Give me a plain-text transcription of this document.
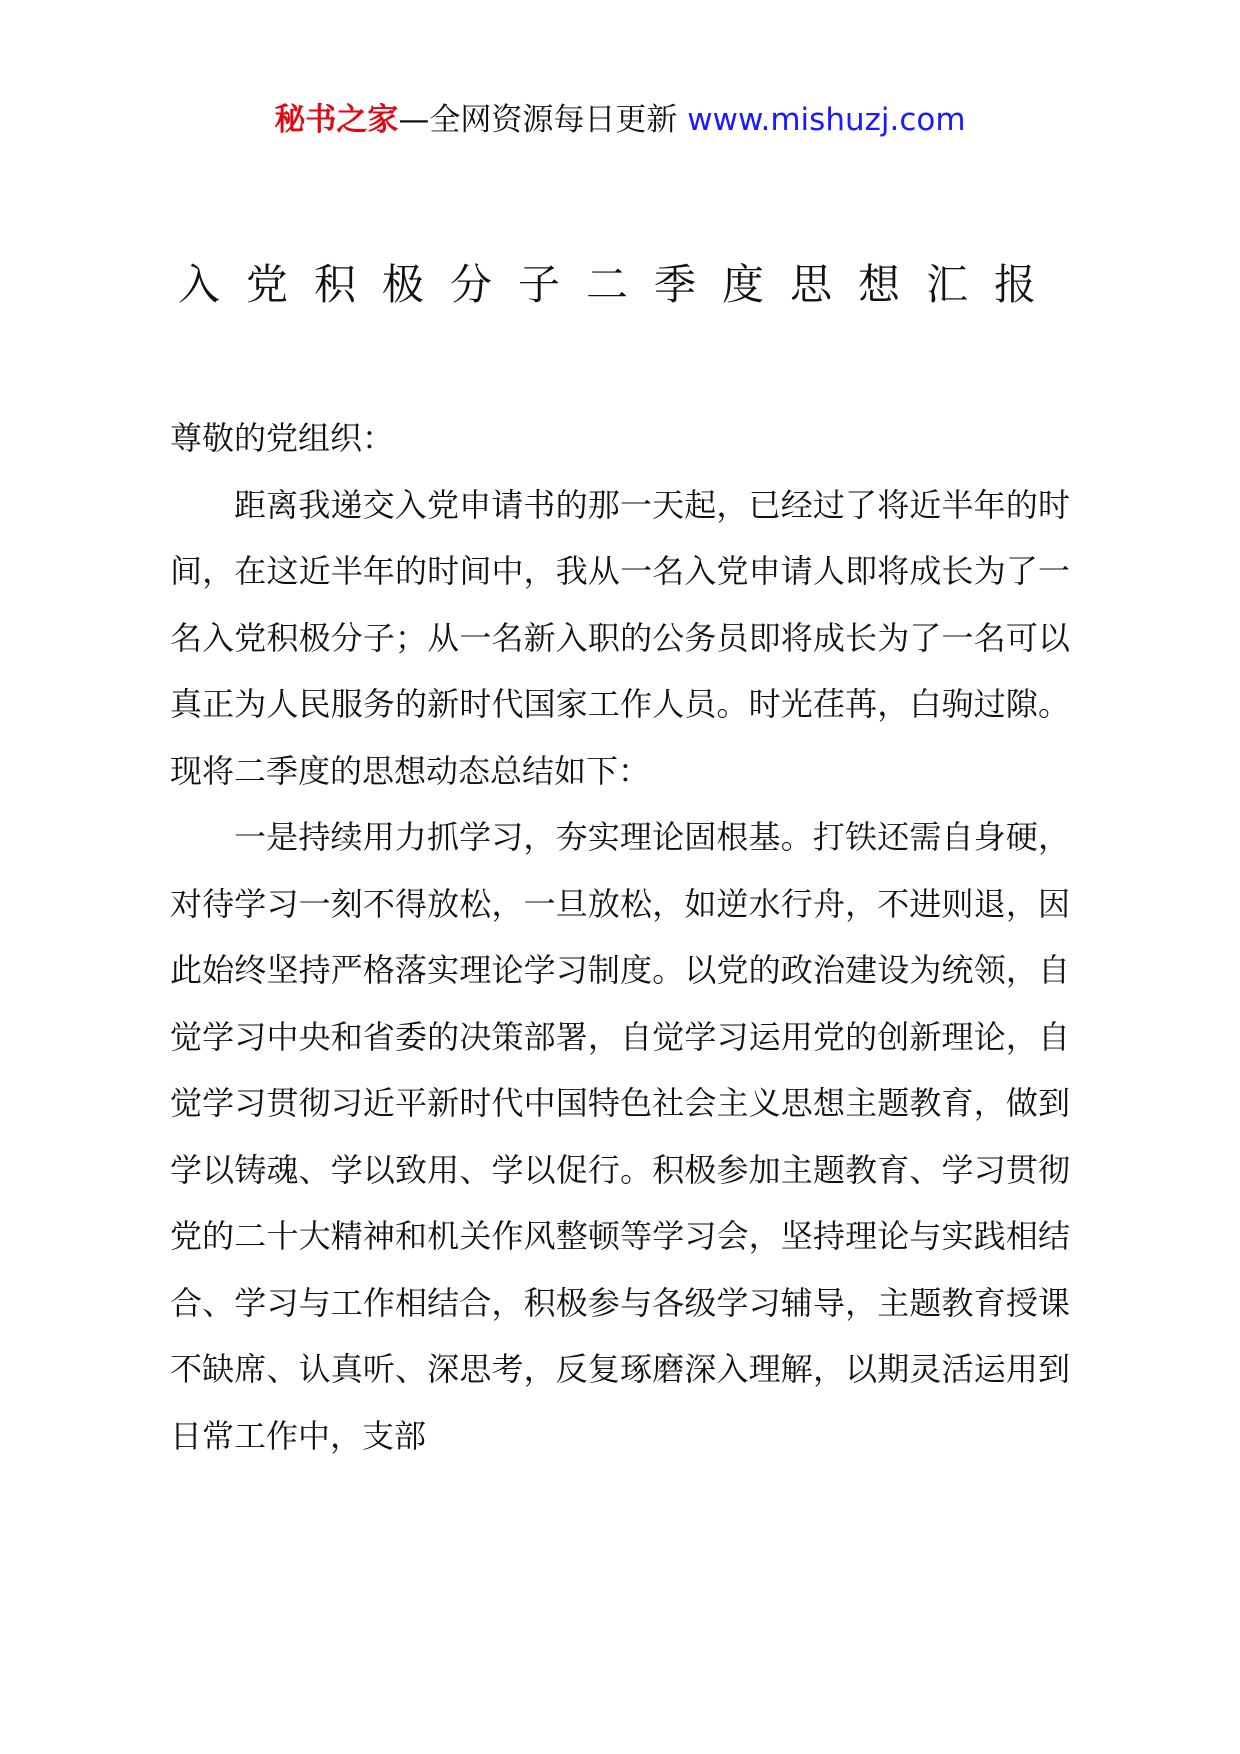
秘书之家—全网资源每日更新 www.mishuzj.com
入党积极分子二季度思想汇报

尊敬的党组织：

距离我递交入党申请书的那一天起，已经过了将近半年的时间，在这近半年的时间中，我从一名入党申请人即将成长为了一名入党积极分子；从一名新入职的公务员即将成长为了一名可以真正为人民服务的新时代国家工作人员。时光荏苒，白驹过隙。现将二季度的思想动态总结如下：

一是持续用力抓学习，夯实理论固根基。打铁还需自身硬，对待学习一刻不得放松，一旦放松，如逆水行舟，不进则退，因此始终坚持严格落实理论学习制度。以党的政治建设为统领，自觉学习中央和省委的决策部署，自觉学习运用党的创新理论，自觉学习贯彻习近平新时代中国特色社会主义思想主题教育，做到学以铸魂、学以致用、学以促行。积极参加主题教育、学习贯彻党的二十大精神和机关作风整顿等学习会，坚持理论与实践相结合、学习与工作相结合，积极参与各级学习辅导，主题教育授课不缺席、认真听、深思考，反复琢磨深入理解，以期灵活运用到日常工作中，支部
